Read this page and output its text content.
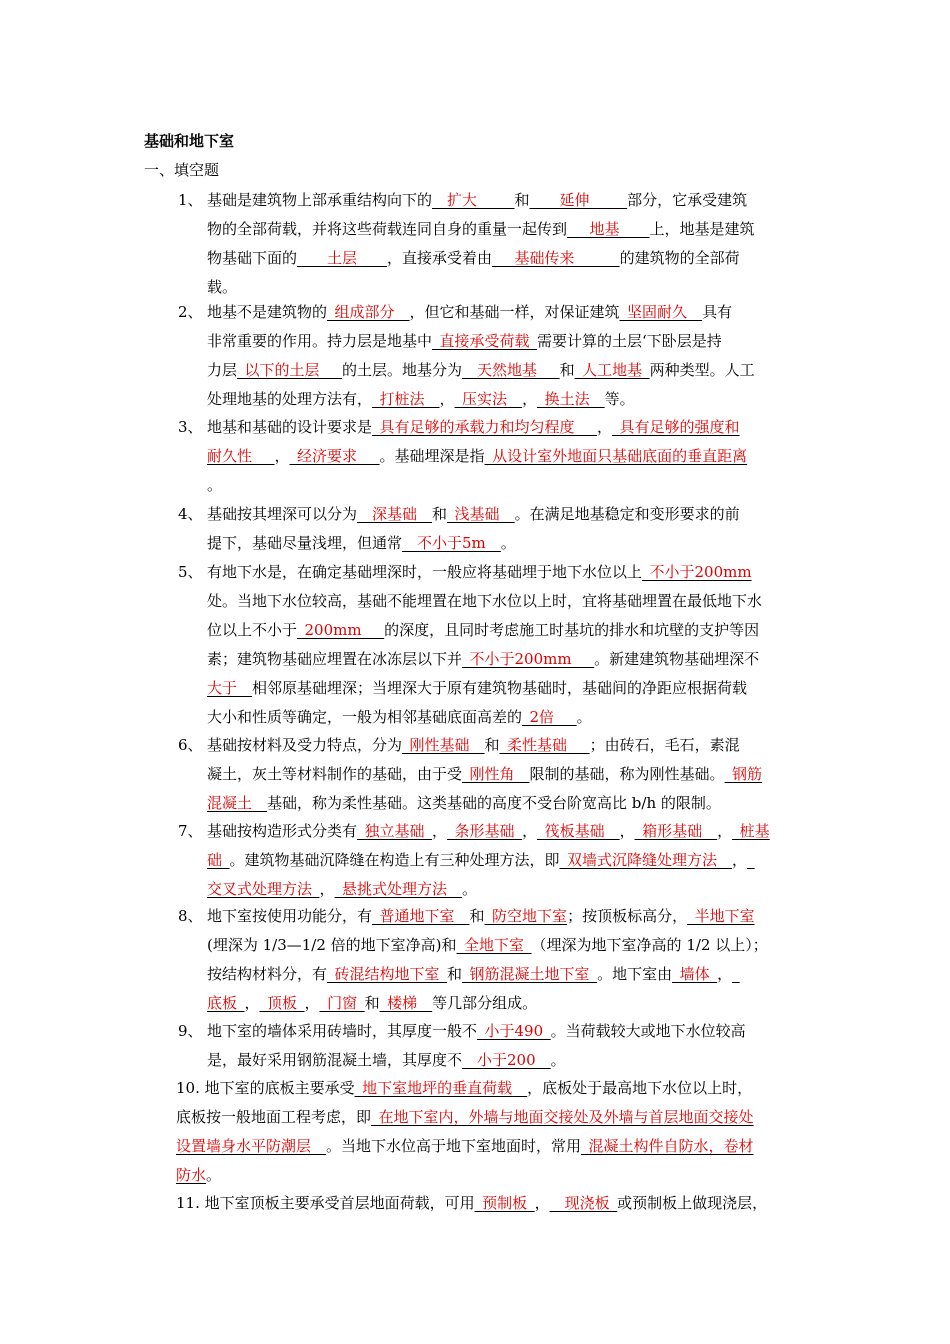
基础和地下室
一、填空题
1、 基础是建筑物上部承重结构向下的__扩大_____和____延伸_____部分，它承受建筑
物的全部荷载，并将这些荷载连同自身的重量一起传到___地基____上，地基是建筑
物基础下面的____土层____，直接承受着由___基础传来______的建筑物的全部荷
载。
2、 地基不是建筑物的_组成部分__，但它和基础一样，对保证建筑_坚固耐久__具有
非常重要的作用。持力层是地基中_直接承受荷载_需要计算的土层‘下卧层是持
力层_以下的土层___的土层。地基分为__天然地基___和_人工地基_两种类型。人工
处理地基的处理方法有，_打桩法__，_压实法__，_换土法__等。
3、 地基和基础的设计要求是_具有足够的承载力和均匀程度___，_具有足够的强度和
耐久性___，_经济要求___。基础埋深是指_从设计室外地面只基础底面的垂直距离
。
4、 基础按其埋深可以分为__深基础__和_浅基础__。在满足地基稳定和变形要求的前
提下，基础尽量浅埋，但通常__不小于5m__。
5、 有地下水是，在确定基础埋深时，一般应将基础埋于地下水位以上_不小于200mm
处。当地下水位较高，基础不能埋置在地下水位以上时，宜将基础埋置在最低地下水
位以上不小于_200mm___的深度，且同时考虑施工时基坑的排水和坑壁的支护等因
素；建筑物基础应埋置在冰冻层以下并_不小于200mm___。新建建筑物基础埋深不
大于__相邻原基础埋深；当埋深大于原有建筑物基础时，基础间的净距应根据荷载
大小和性质等确定，一般为相邻基础底面高差的_2倍___。
6、 基础按材料及受力特点，分为_刚性基础__和_柔性基础___；由砖石，毛石，素混
凝土，灰土等材料制作的基础，由于受_刚性角__限制的基础，称为刚性基础。_钢筋
混凝土__基础，称为柔性基础。这类基础的高度不受台阶宽高比 b/h 的限制。
7、 基础按构造形式分类有_独立基础_，_条形基础_，_筏板基础__，_箱形基础__，_桩基
础_。建筑物基础沉降缝在构造上有三种处理方法，即_双墙式沉降缝处理方法__，_
交叉式处理方法_，_悬挑式处理方法__。
8、 地下室按使用功能分，有_普通地下室__和_防空地下室；按顶板标高分，_半地下室
(埋深为 1/3—1/2 倍的地下室净高)和_全地下室_（埋深为地下室净高的 1/2 以上）；
按结构材料分，有_砖混结构地下室_和_钢筋混凝土地下室_。地下室由_墙体_，_
底板_，_顶板_，_门窗_和_楼梯__等几部分组成。
9、 地下室的墙体采用砖墙时，其厚度一般不_小于490_。当荷载较大或地下水位较高
是，最好采用钢筋混凝土墙，其厚度不__小于200__。
10. 地下室的底板主要承受_地下室地坪的垂直荷载__，底板处于最高地下水位以上时，
底板按一般地面工程考虑，即_在地下室内，外墙与地面交接处及外墙与首层地面交接处
设置墙身水平防潮层__。当地下水位高于地下室地面时，常用_混凝土构件自防水，卷材
防水。
11. 地下室顶板主要承受首层地面荷载，可用_预制板_，__现浇板_或预制板上做现浇层，
